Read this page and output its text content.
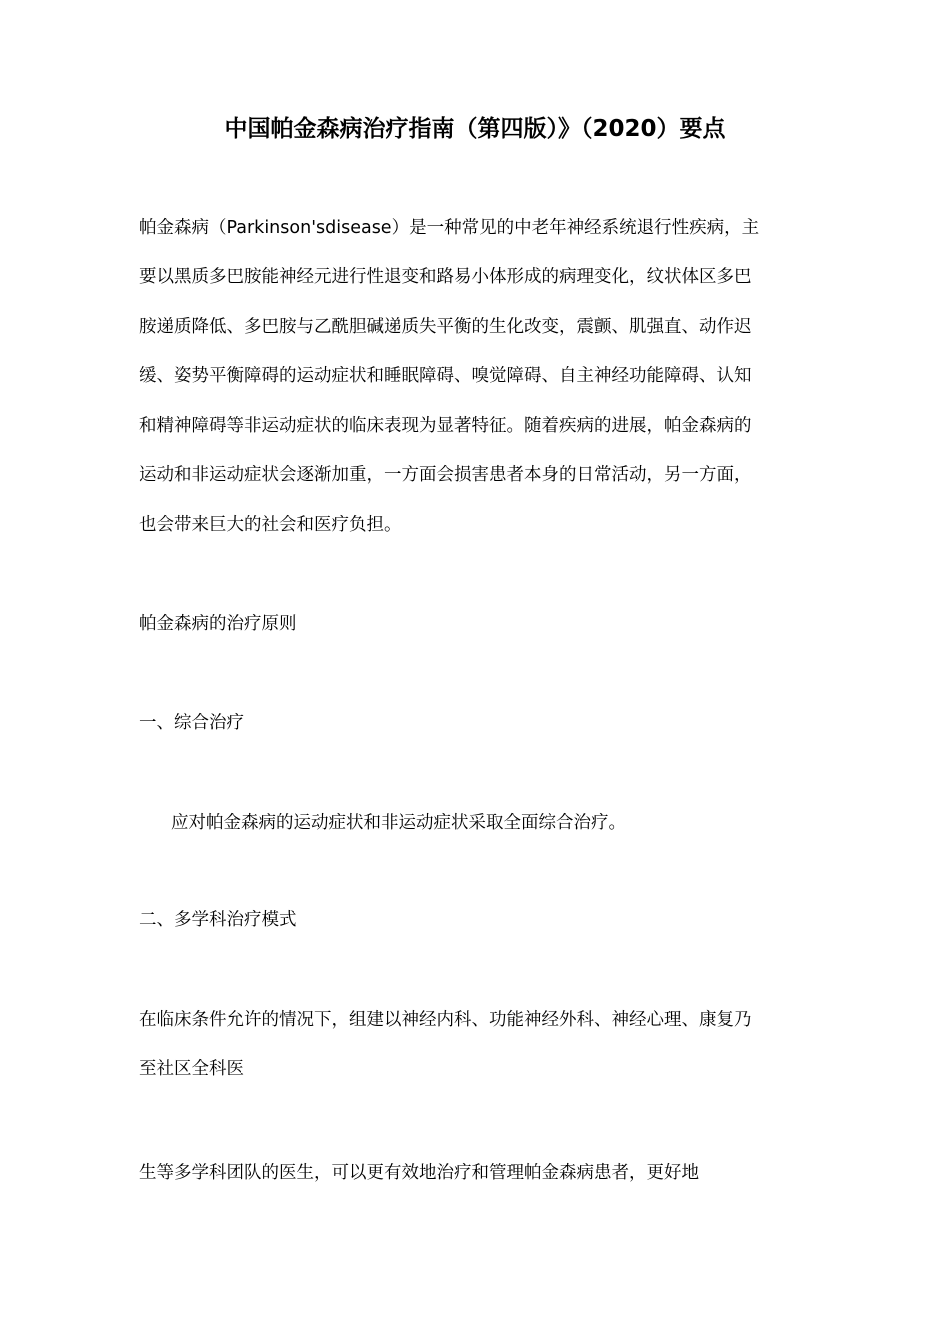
中国帕金森病治疗指南（第四版）》（2020）要点
帕金森病（Parkinson'sdisease）是一种常见的中老年神经系统退行性疾病，主
要以黑质多巴胺能神经元进行性退变和路易小体形成的病理变化，纹状体区多巴
胺递质降低、多巴胺与乙酰胆碱递质失平衡的生化改变，震颤、肌强直、动作迟
缓、姿势平衡障碍的运动症状和睡眠障碍、嗅觉障碍、自主神经功能障碍、认知
和精神障碍等非运动症状的临床表现为显著特征。随着疾病的进展，帕金森病的
运动和非运动症状会逐渐加重，一方面会损害患者本身的日常活动，另一方面，
也会带来巨大的社会和医疗负担。
帕金森病的治疗原则
一、综合治疗
应对帕金森病的运动症状和非运动症状采取全面综合治疗。
二、多学科治疗模式
在临床条件允许的情况下，组建以神经内科、功能神经外科、神经心理、康复乃
至社区全科医
生等多学科团队的医生，可以更有效地治疗和管理帕金森病患者，更好地
